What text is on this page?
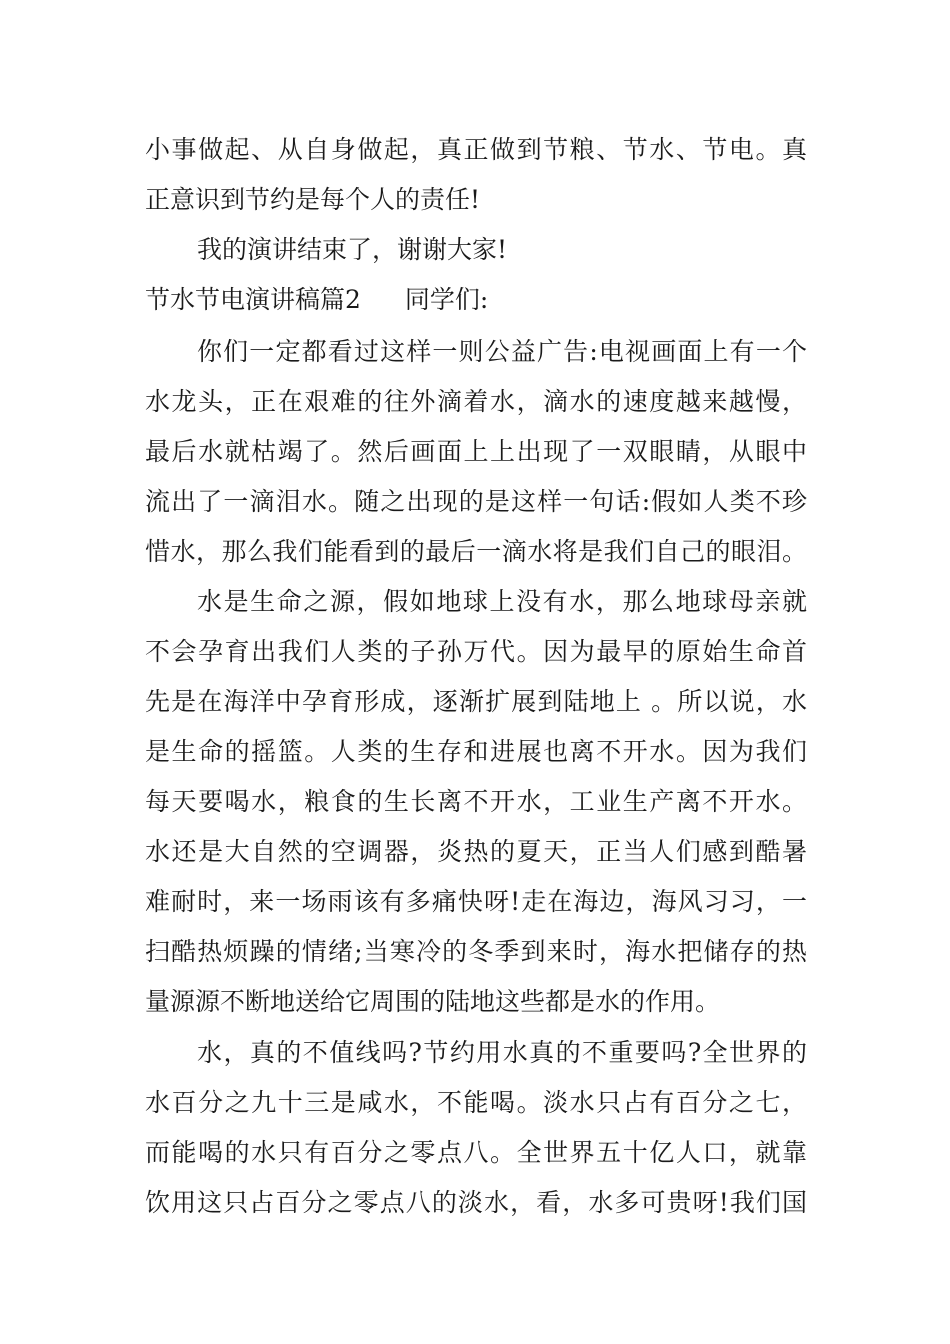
小事做起、从自身做起，真正做到节粮、节水、节电。真
正意识到节约是每个人的责任!
我的演讲结束了，谢谢大家!
节水节电演讲稿篇2 同学们:
你们一定都看过这样一则公益广告:电视画面上有一个
水龙头，正在艰难的往外滴着水，滴水的速度越来越慢，
最后水就枯竭了。然后画面上上出现了一双眼睛，从眼中
流出了一滴泪水。随之出现的是这样一句话:假如人类不珍
惜水，那么我们能看到的最后一滴水将是我们自己的眼泪。
水是生命之源，假如地球上没有水，那么地球母亲就
不会孕育出我们人类的子孙万代。因为最早的原始生命首
先是在海洋中孕育形成，逐渐扩展到陆地上 。所以说，水
是生命的摇篮。人类的生存和进展也离不开水。因为我们
每天要喝水，粮食的生长离不开水，工业生产离不开水。
水还是大自然的空调器，炎热的夏天，正当人们感到酷暑
难耐时，来一场雨该有多痛快呀!走在海边，海风习习，一
扫酷热烦躁的情绪;当寒冷的冬季到来时，海水把储存的热
量源源不断地送给它周围的陆地这些都是水的作用。
水，真的不值线吗?节约用水真的不重要吗?全世界的
水百分之九十三是咸水，不能喝。淡水只占有百分之七，
而能喝的水只有百分之零点八。全世界五十亿人口，就靠
饮用这只占百分之零点八的淡水，看，水多可贵呀!我们国
